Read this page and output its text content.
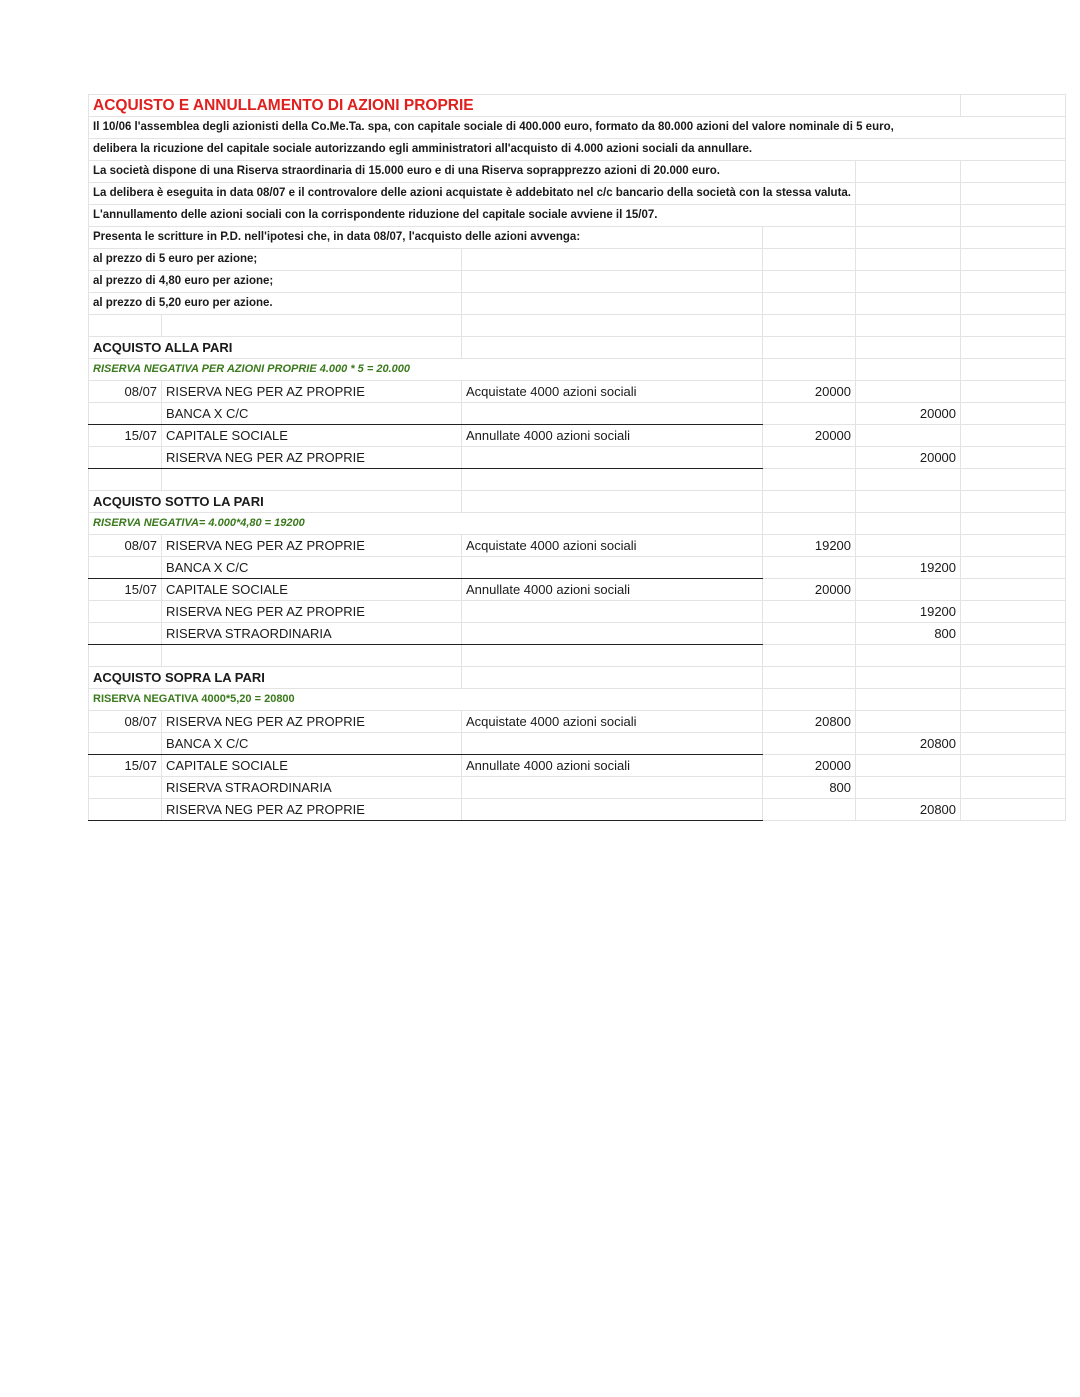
ACQUISTO E ANNULLAMENTO DI AZIONI PROPRIE					
Il 10/06 l'assemblea degli azionisti della Co.Me.Ta. spa, con capitale sociale di 400.000 euro, formato da 80.000 azioni del valore nominale di 5 euro,					
delibera la ricuzione del capitale sociale autorizzando egli amministratori all'acquisto di 4.000 azioni sociali da annullare.					
La società dispone di una Riserva straordinaria di 15.000 euro e di una Riserva soprapprezzo azioni di 20.000 euro.					
La delibera è eseguita in data 08/07 e il controvalore delle azioni acquistate è addebitato nel c/c bancario della società con la stessa valuta.					
L'annullamento delle azioni sociali con la corrispondente riduzione del capitale sociale avviene il 15/07.					
Presenta le scritture in P.D. nell'ipotesi che, in data 08/07, l'acquisto delle azioni avvenga:					
al prezzo di 5 euro per azione;					
al prezzo di 4,80 euro per azione;					
al prezzo di 5,20 euro per azione.					

ACQUISTO ALLA PARI					
RISERVA NEGATIVA PER AZIONI PROPRIE 4.000 * 5 = 20.000					
08/07	RISERVA NEG PER AZ PROPRIE	Acquistate 4000 azioni sociali	20000		
	BANCA X C/C			20000	
15/07	CAPITALE SOCIALE	Annullate 4000 azioni sociali	20000		
	RISERVA NEG PER AZ PROPRIE			20000	

ACQUISTO SOTTO LA PARI					
RISERVA NEGATIVA= 4.000*4,80 = 19200					
08/07	RISERVA NEG PER AZ PROPRIE	Acquistate 4000 azioni sociali	19200		
	BANCA X C/C			19200	
15/07	CAPITALE SOCIALE	Annullate 4000 azioni sociali	20000		
	RISERVA NEG PER AZ PROPRIE			19200	
	RISERVA STRAORDINARIA			800	

ACQUISTO SOPRA LA PARI					
RISERVA NEGATIVA 4000*5,20 = 20800					
08/07	RISERVA NEG PER AZ PROPRIE	Acquistate 4000 azioni sociali	20800		
	BANCA X C/C			20800	
15/07	CAPITALE SOCIALE	Annullate 4000 azioni sociali	20000		
	RISERVA STRAORDINARIA		800		
	RISERVA NEG PER AZ PROPRIE			20800	
